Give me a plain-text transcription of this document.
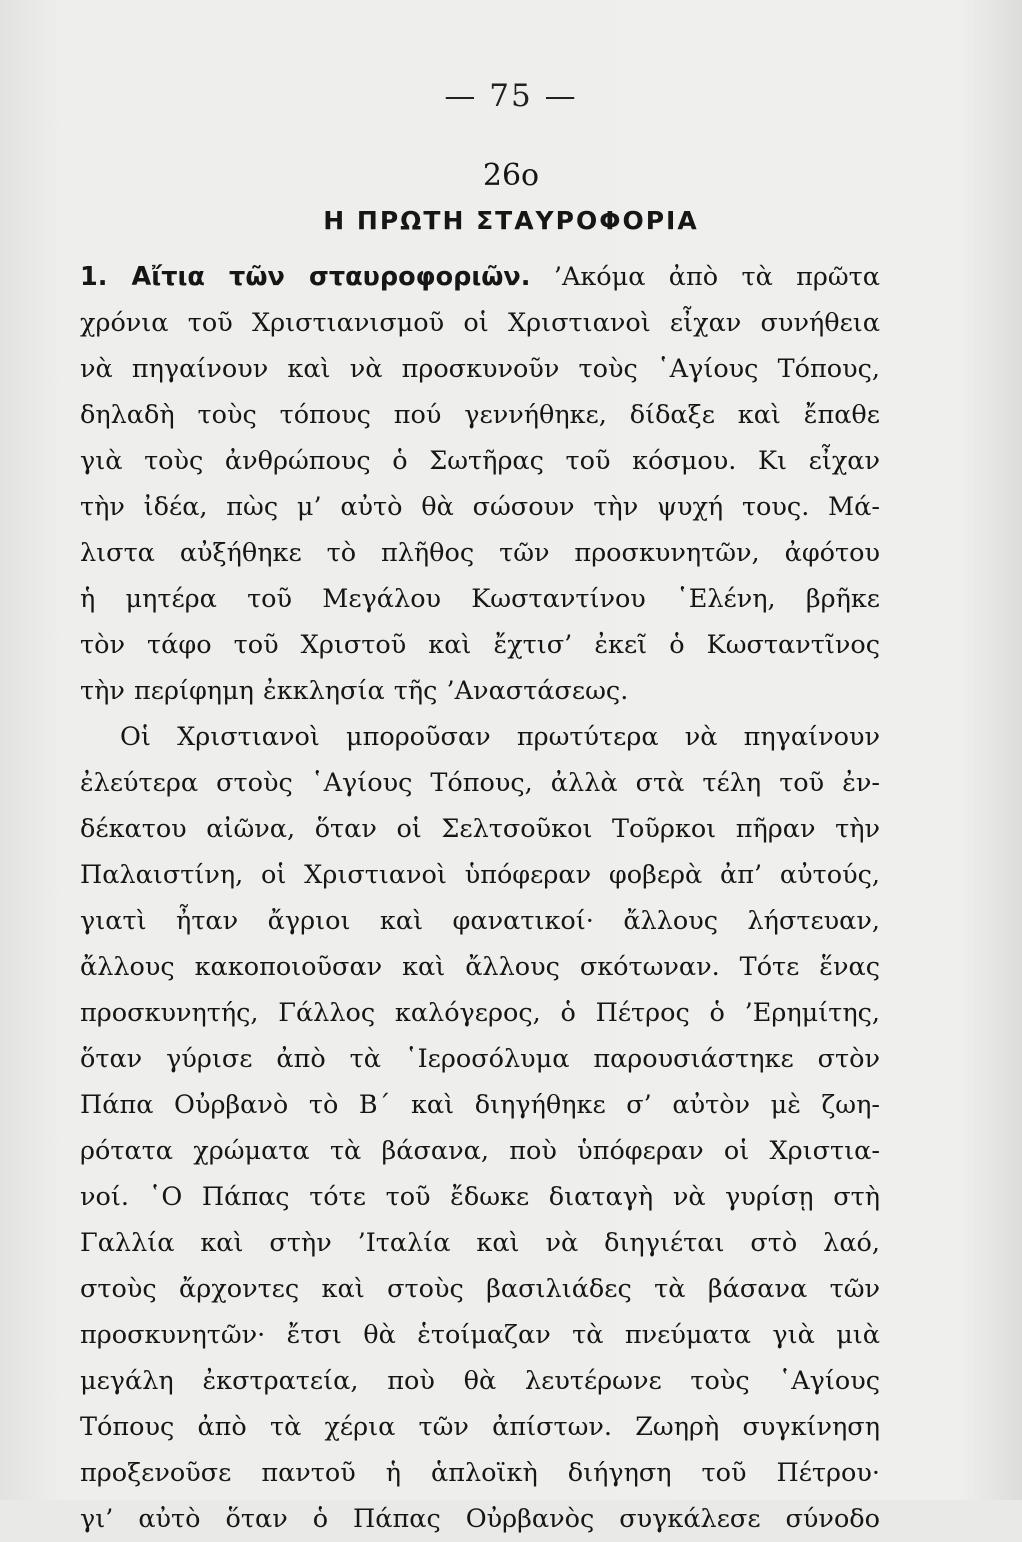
— 75 —
26ο
Η ΠΡΩΤΗ ΣΤΑΥΡΟΦΟΡΙΑ
1. Αἴτια τῶν σταυροφοριῶν. ’Ακόμα ἀπὸ τὰ πρῶτα
χρόνια τοῦ Χριστιανισμοῦ οἱ Χριστιανοὶ εἶχαν συνήθεια
νὰ πηγαίνουν καὶ νὰ προσκυνοῦν τοὺς ῾Αγίους Τόπους,
δηλαδὴ τοὺς τόπους πού γεννήθηκε, δίδαξε καὶ ἔπαθε
γιὰ τοὺς ἀνθρώπους ὁ Σωτῆρας τοῦ κόσμου. Κι εἶχαν
τὴν ἰδέα, πὼς μ’ αὐτὸ θὰ σώσουν τὴν ψυχή τους. Μά-
λιστα αὐξήθηκε τὸ πλῆθος τῶν προσκυνητῶν, ἀφότου
ἡ μητέρα τοῦ Μεγάλου Κωσταντίνου ῾Ελένη, βρῆκε
τὸν τάφο τοῦ Χριστοῦ καὶ ἔχτισ’ ἐκεῖ ὁ Κωσταντῖνος
τὴν περίφημη ἐκκλησία τῆς ’Αναστάσεως.
Οἱ Χριστιανοὶ μποροῦσαν πρωτύτερα νὰ πηγαίνουν
ἐλεύτερα στοὺς ῾Αγίους Τόπους, ἀλλὰ στὰ τέλη τοῦ ἐν-
δέκατου αἰῶνα, ὅταν οἱ Σελτσοῦκοι Τοῦρκοι πῆραν τὴν
Παλαιστίνη, οἱ Χριστιανοὶ ὑπόφεραν φοβερὰ ἀπ’ αὐτούς,
γιατὶ ἦταν ἄγριοι καὶ φανατικοί· ἄλλους λήστευαν,
ἄλλους κακοποιοῦσαν καὶ ἄλλους σκότωναν. Τότε ἕνας
προσκυνητής, Γάλλος καλόγερος, ὁ Πέτρος ὁ ’Ερημίτης,
ὅταν γύρισε ἀπὸ τὰ ῾Ιεροσόλυμα παρουσιάστηκε στὸν
Πάπα Οὐρβανὸ τὸ Β΄ καὶ διηγήθηκε σ’ αὐτὸν μὲ ζωη-
ρότατα χρώματα τὰ βάσανα, ποὺ ὑπόφεραν οἱ Χριστια-
νοί. ῾Ο Πάπας τότε τοῦ ἔδωκε διαταγὴ νὰ γυρίσῃ στὴ
Γαλλία καὶ στὴν ’Ιταλία καὶ νὰ διηγιέται στὸ λαό,
στοὺς ἄρχοντες καὶ στοὺς βασιλιάδες τὰ βάσανα τῶν
προσκυνητῶν· ἔτσι θὰ ἑτοίμαζαν τὰ πνεύματα γιὰ μιὰ
μεγάλη ἐκστρατεία, ποὺ θὰ λευτέρωνε τοὺς ῾Αγίους
Τόπους ἀπὸ τὰ χέρια τῶν ἀπίστων. Ζωηρὴ συγκίνηση
προξενοῦσε παντοῦ ἡ ἁπλοϊκὴ διήγηση τοῦ Πέτρου·
γι’ αὐτὸ ὅταν ὁ Πάπας Οὐρβανὸς συγκάλεσε σύνοδο
